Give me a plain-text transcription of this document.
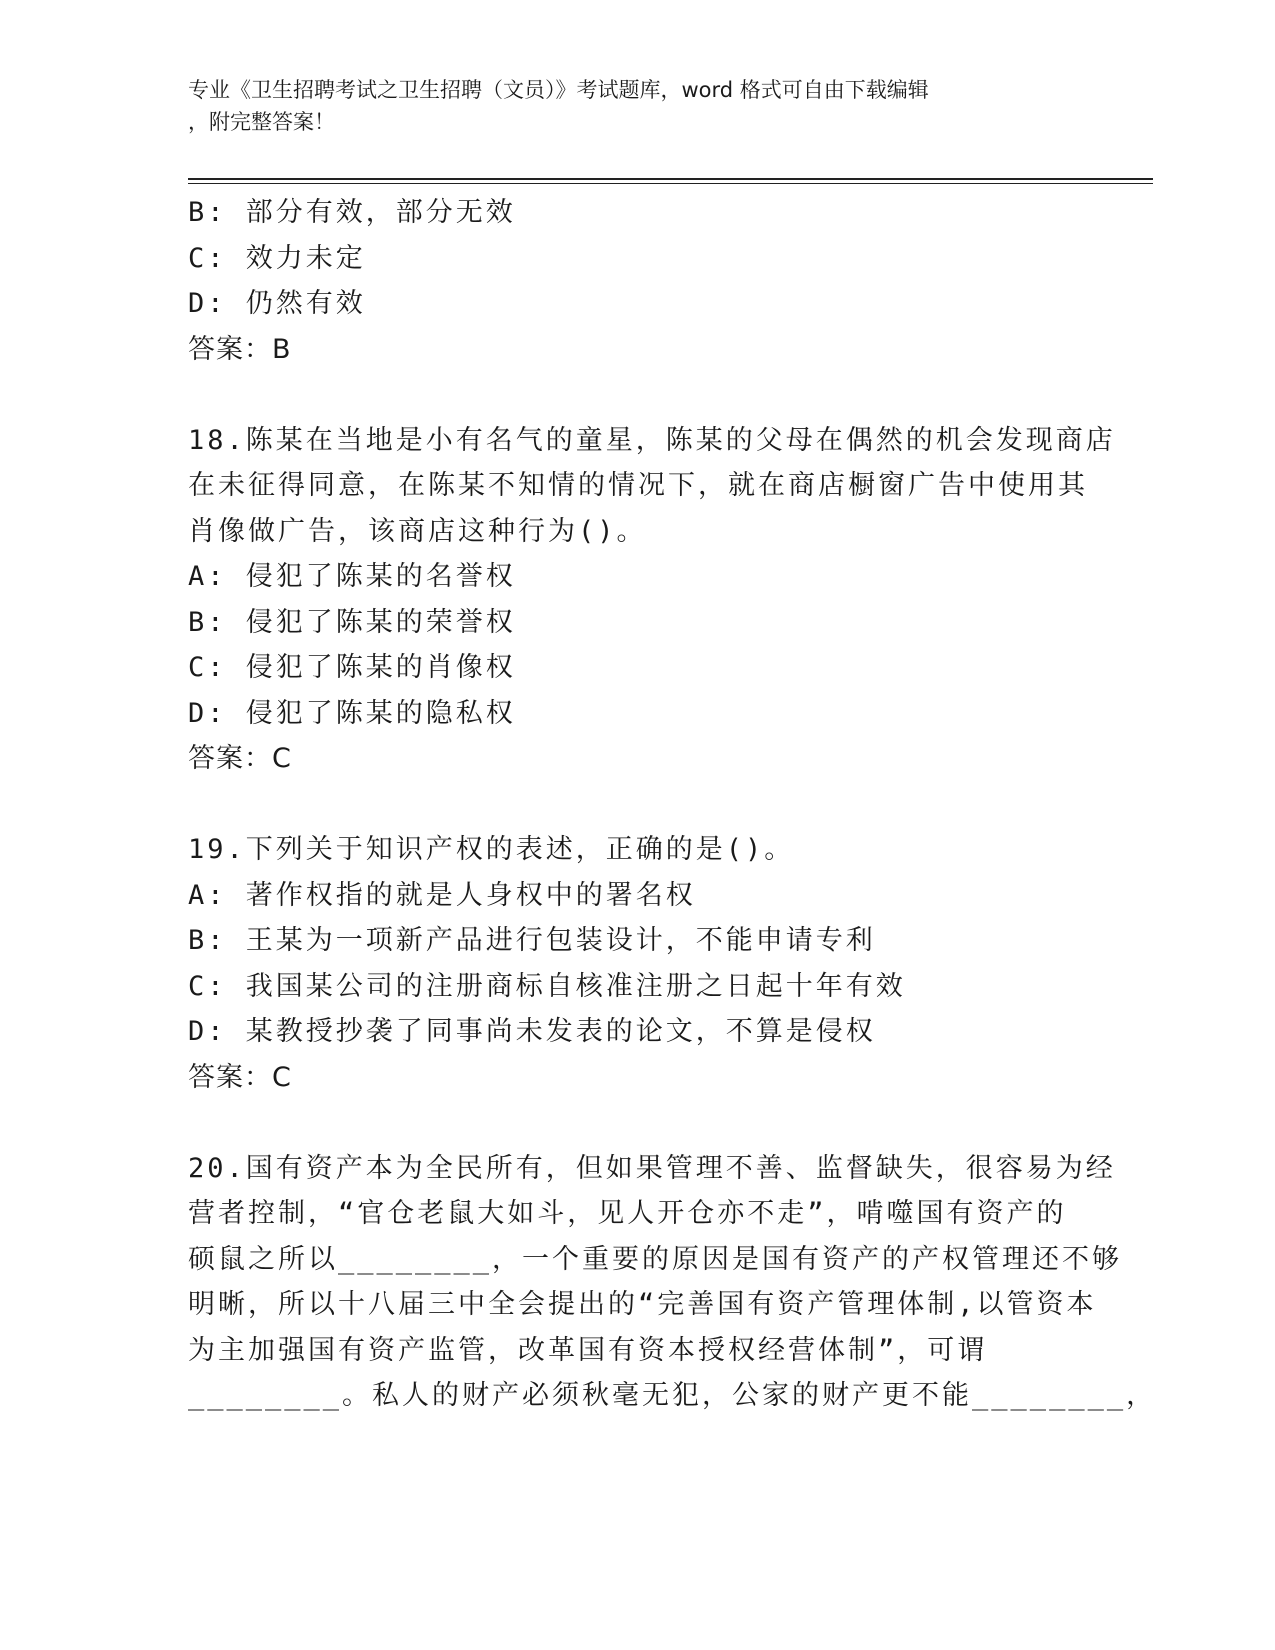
专业《卫生招聘考试之卫生招聘（文员）》考试题库，word 格式可自由下载编辑
，附完整答案！
B: 部分有效，部分无效
C: 效力未定
D: 仍然有效
答案：B
18.陈某在当地是小有名气的童星，陈某的父母在偶然的机会发现商店
在未征得同意，在陈某不知情的情况下，就在商店橱窗广告中使用其
肖像做广告，该商店这种行为()。
A: 侵犯了陈某的名誉权
B: 侵犯了陈某的荣誉权
C: 侵犯了陈某的肖像权
D: 侵犯了陈某的隐私权
答案：C
19.下列关于知识产权的表述，正确的是()。
A: 著作权指的就是人身权中的署名权
B: 王某为一项新产品进行包装设计，不能申请专利
C: 我国某公司的注册商标自核准注册之日起十年有效
D: 某教授抄袭了同事尚未发表的论文，不算是侵权
答案：C
20.国有资产本为全民所有，但如果管理不善、监督缺失，很容易为经
营者控制，“官仓老鼠大如斗，见人开仓亦不走”，啃噬国有资产的
硕鼠之所以________，一个重要的原因是国有资产的产权管理还不够
明晰，所以十八届三中全会提出的“完善国有资产管理体制,以管资本
为主加强国有资产监管，改革国有资本授权经营体制”，可谓
________。私人的财产必须秋毫无犯，公家的财产更不能________，
